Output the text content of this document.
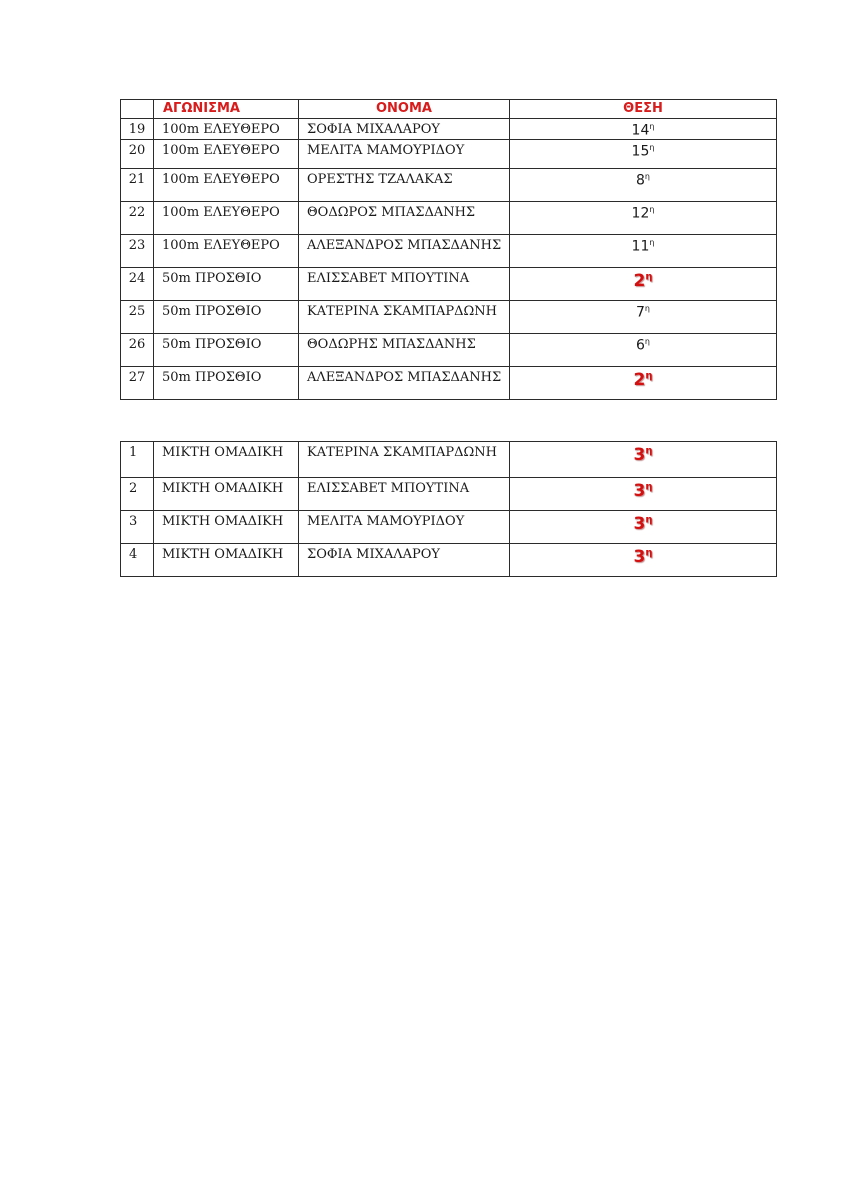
	ΑΓΩΝΙΣΜΑ	ΟΝΟΜΑ	ΘΕΣΗ
19	100m ΕΛΕΥΘΕΡΟ	ΣΟΦΙΑ ΜΙΧΑΛΑΡΟΥ	$14^\eta$
20	100m ΕΛΕΥΘΕΡΟ	ΜΕΛΙΤΑ ΜΑΜΟΥΡΙΔΟΥ	$15^\eta$
21	100m ΕΛΕΥΘΕΡΟ	ΟΡΕΣΤΗΣ ΤΖΑΛΑΚΑΣ	$8^\eta$
22	100m ΕΛΕΥΘΕΡΟ	ΘΟΔΩΡΟΣ ΜΠΑΣΔΑΝΗΣ	$12^\eta$
23	100m ΕΛΕΥΘΕΡΟ	ΑΛΕΞΑΝΔΡΟΣ ΜΠΑΣΔΑΝΗΣ	$11^\eta$
24	50m ΠΡΟΣΘΙΟ	ΕΛΙΣΣΑΒΕΤ ΜΠΟΥΤΙΝΑ	$2^\eta$
25	50m ΠΡΟΣΘΙΟ	ΚΑΤΕΡΙΝΑ ΣΚΑΜΠΑΡΔΩΝΗ	$7^\eta$
26	50m ΠΡΟΣΘΙΟ	ΘΟΔΩΡΗΣ ΜΠΑΣΔΑΝΗΣ	$6^\eta$
27	50m ΠΡΟΣΘΙΟ	ΑΛΕΞΑΝΔΡΟΣ ΜΠΑΣΔΑΝΗΣ	$2^\eta$
1	ΜΙΚΤΗ ΟΜΑΔΙΚΗ	ΚΑΤΕΡΙΝΑ ΣΚΑΜΠΑΡΔΩΝΗ	$3^\eta$
2	ΜΙΚΤΗ ΟΜΑΔΙΚΗ	ΕΛΙΣΣΑΒΕΤ ΜΠΟΥΤΙΝΑ	$3^\eta$
3	ΜΙΚΤΗ ΟΜΑΔΙΚΗ	ΜΕΛΙΤΑ ΜΑΜΟΥΡΙΔΟΥ	$3^\eta$
4	ΜΙΚΤΗ ΟΜΑΔΙΚΗ	ΣΟΦΙΑ ΜΙΧΑΛΑΡΟΥ	$3^\eta$
